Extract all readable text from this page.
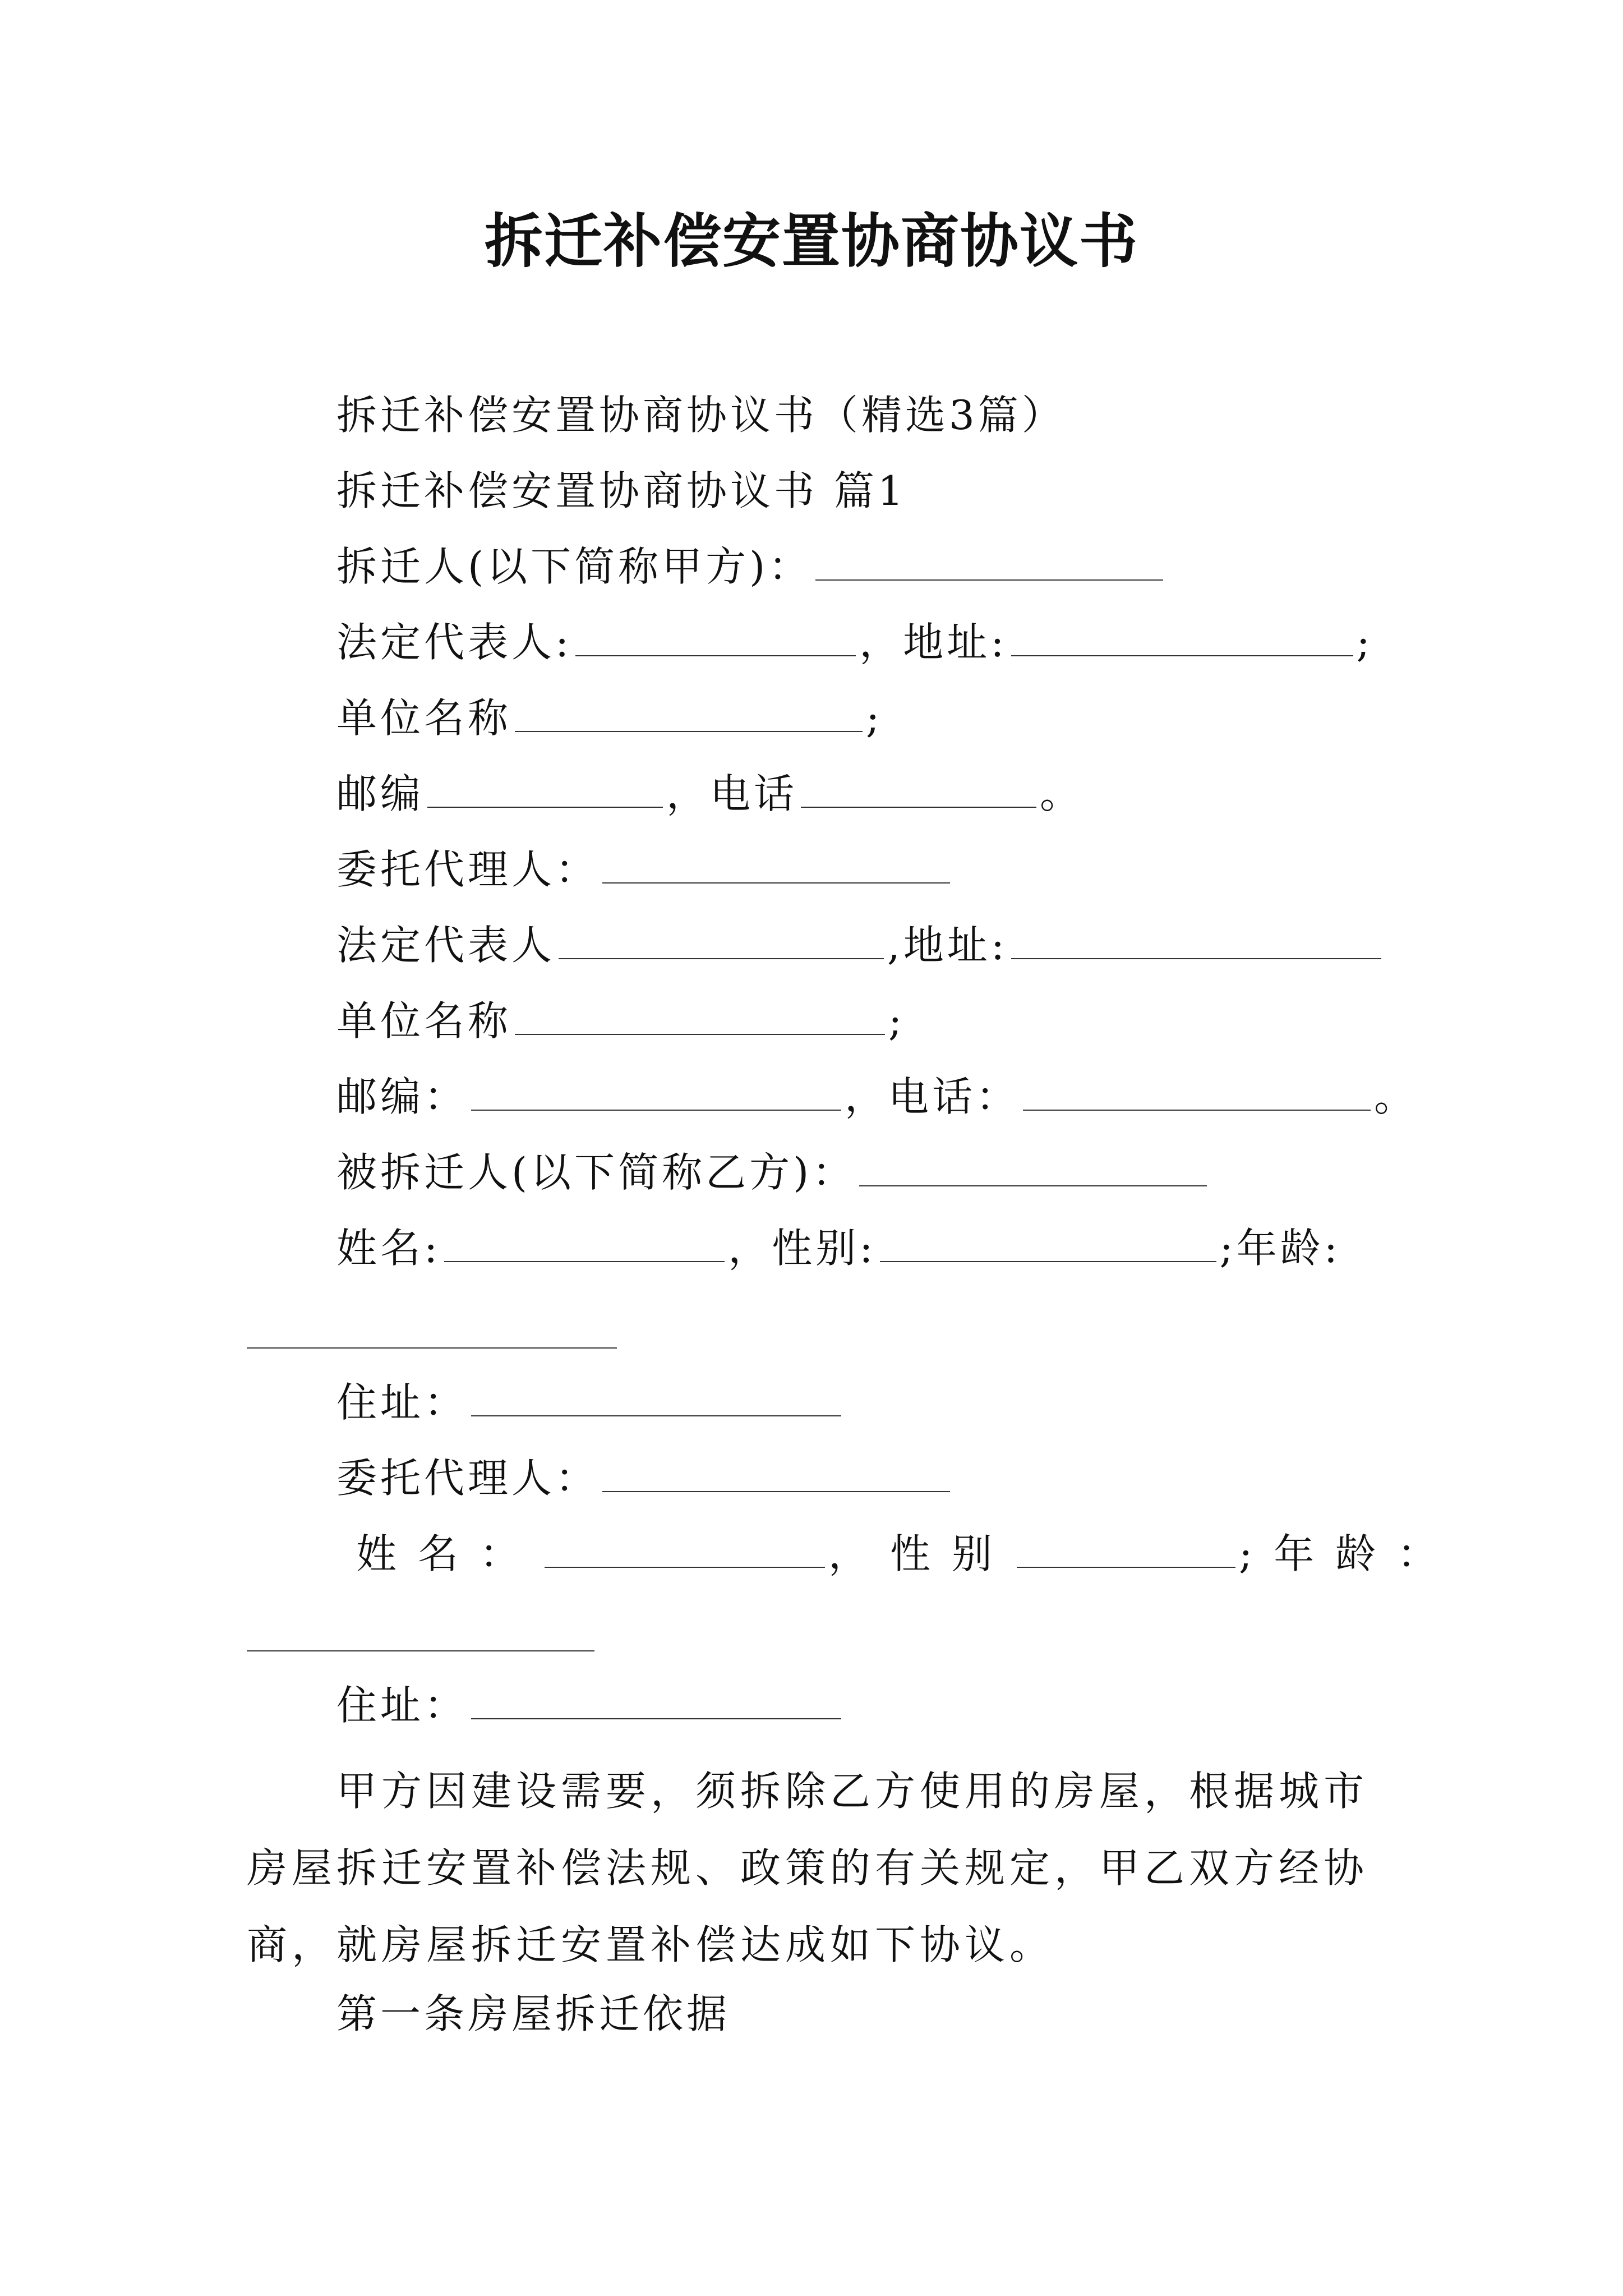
拆迁补偿安置协商协议书
拆迁补偿安置协商协议书（精选3篇）
拆迁补偿安置协商协议书 篇1
拆迁人(以下简称甲方)：
法定代表人:	，地址:	;
单位名称	;
邮编	，电话	。
委托代理人：
法定代表人	,地址:
单位名称	;
邮编：	，电话：	。
被拆迁人(以下简称乙方)：
姓名:	，性别:	;年龄:
住址：
委托代理人：
姓名：	，性别	;年龄：
住址：
甲方因建设需要，须拆除乙方使用的房屋，根据城市房屋拆迁安置补偿法规、政策的有关规定，甲乙双方经协商，就房屋拆迁安置补偿达成如下协议。
第一条房屋拆迁依据
